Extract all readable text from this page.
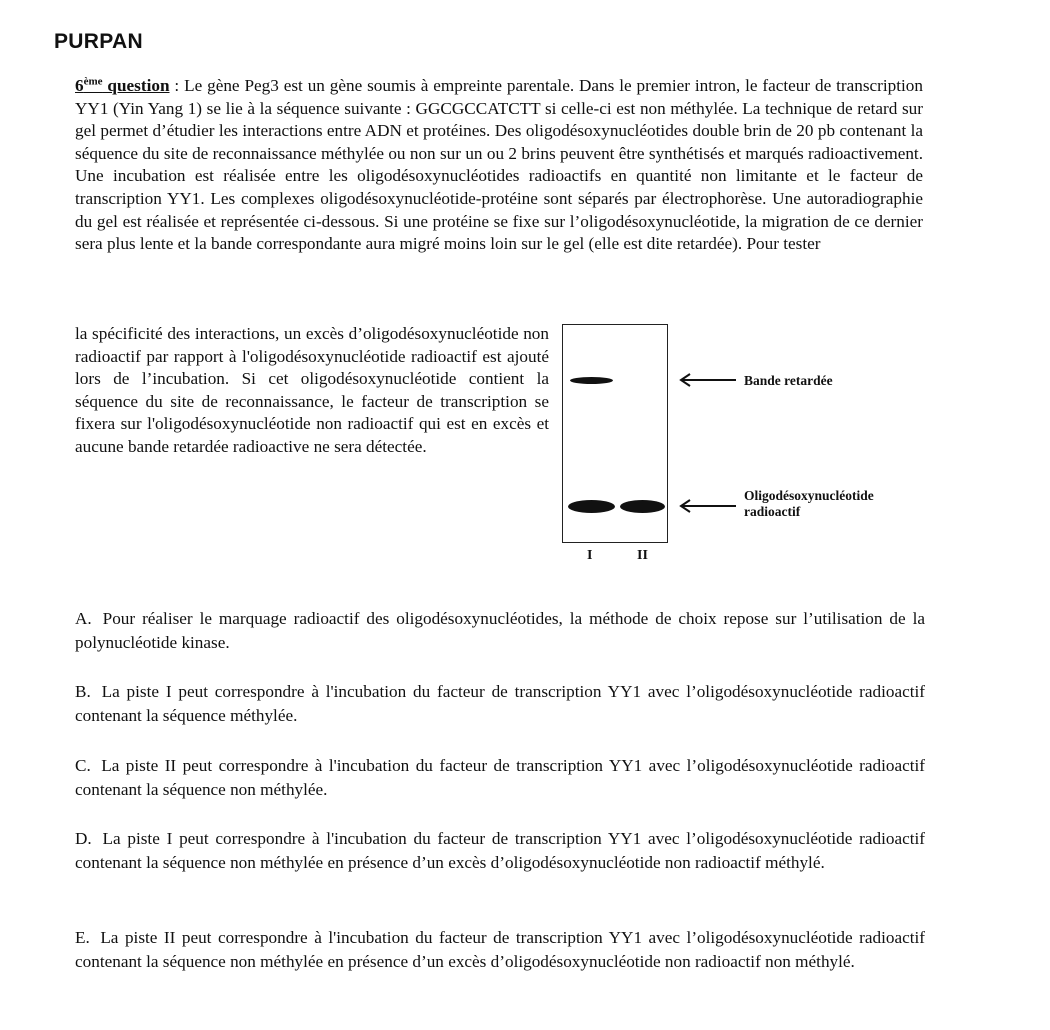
PURPAN
6ème question : Le gène Peg3 est un gène soumis à empreinte parentale. Dans le premier intron, le facteur de transcription YY1 (Yin Yang 1) se lie à la séquence suivante : GGCGCCATCTT si celle-ci est non méthylée. La technique de retard sur gel permet d’étudier les interactions entre ADN et protéines. Des oligodésoxynucléotides double brin de 20 pb contenant la séquence du site de reconnaissance méthylée ou non sur un ou 2 brins peuvent être synthétisés et marqués radioactivement. Une incubation est réalisée entre les oligodésoxynucléotides radioactifs en quantité non limitante et le facteur de transcription YY1. Les complexes oligodésoxynucléotide-protéine sont séparés par électrophorèse. Une autoradiographie du gel est réalisée et représentée ci-dessous. Si une protéine se fixe sur l’oligodésoxynucléotide, la migration de ce dernier sera plus lente et la bande correspondante aura migré moins loin sur le gel (elle est dite retardée). Pour tester
la spécificité des interactions, un excès d’oligodésoxynucléotide non radioactif par rapport à l'oligodésoxynucléotide radioactif est ajouté lors de l’incubation. Si cet oligodésoxynucléotide contient la séquence du site de reconnaissance, le facteur de transcription se fixera sur l'oligodésoxynucléotide non radioactif qui est en excès et aucune bande retardée radioactive ne sera détectée.
Bande retardée
Oligodésoxynucléotide
radioactif
I	II
A. Pour réaliser le marquage radioactif des oligodésoxynucléotides, la méthode de choix repose sur l’utilisation de la polynucléotide kinase.
B. La piste I peut correspondre à l'incubation du facteur de transcription YY1 avec l’oligodésoxynucléotide radioactif contenant la séquence méthylée.
C. La piste II peut correspondre à l'incubation du facteur de transcription YY1 avec l’oligodésoxynucléotide radioactif contenant la séquence non méthylée.
D. La piste I peut correspondre à l'incubation du facteur de transcription YY1 avec l’oligodésoxynucléotide radioactif contenant la séquence non méthylée en présence d’un excès d’oligodésoxynucléotide non radioactif méthylé.
E. La piste II peut correspondre à l'incubation du facteur de transcription YY1 avec l’oligodésoxynucléotide radioactif contenant la séquence non méthylée en présence d’un excès d’oligodésoxynucléotide non radioactif non méthylé.
